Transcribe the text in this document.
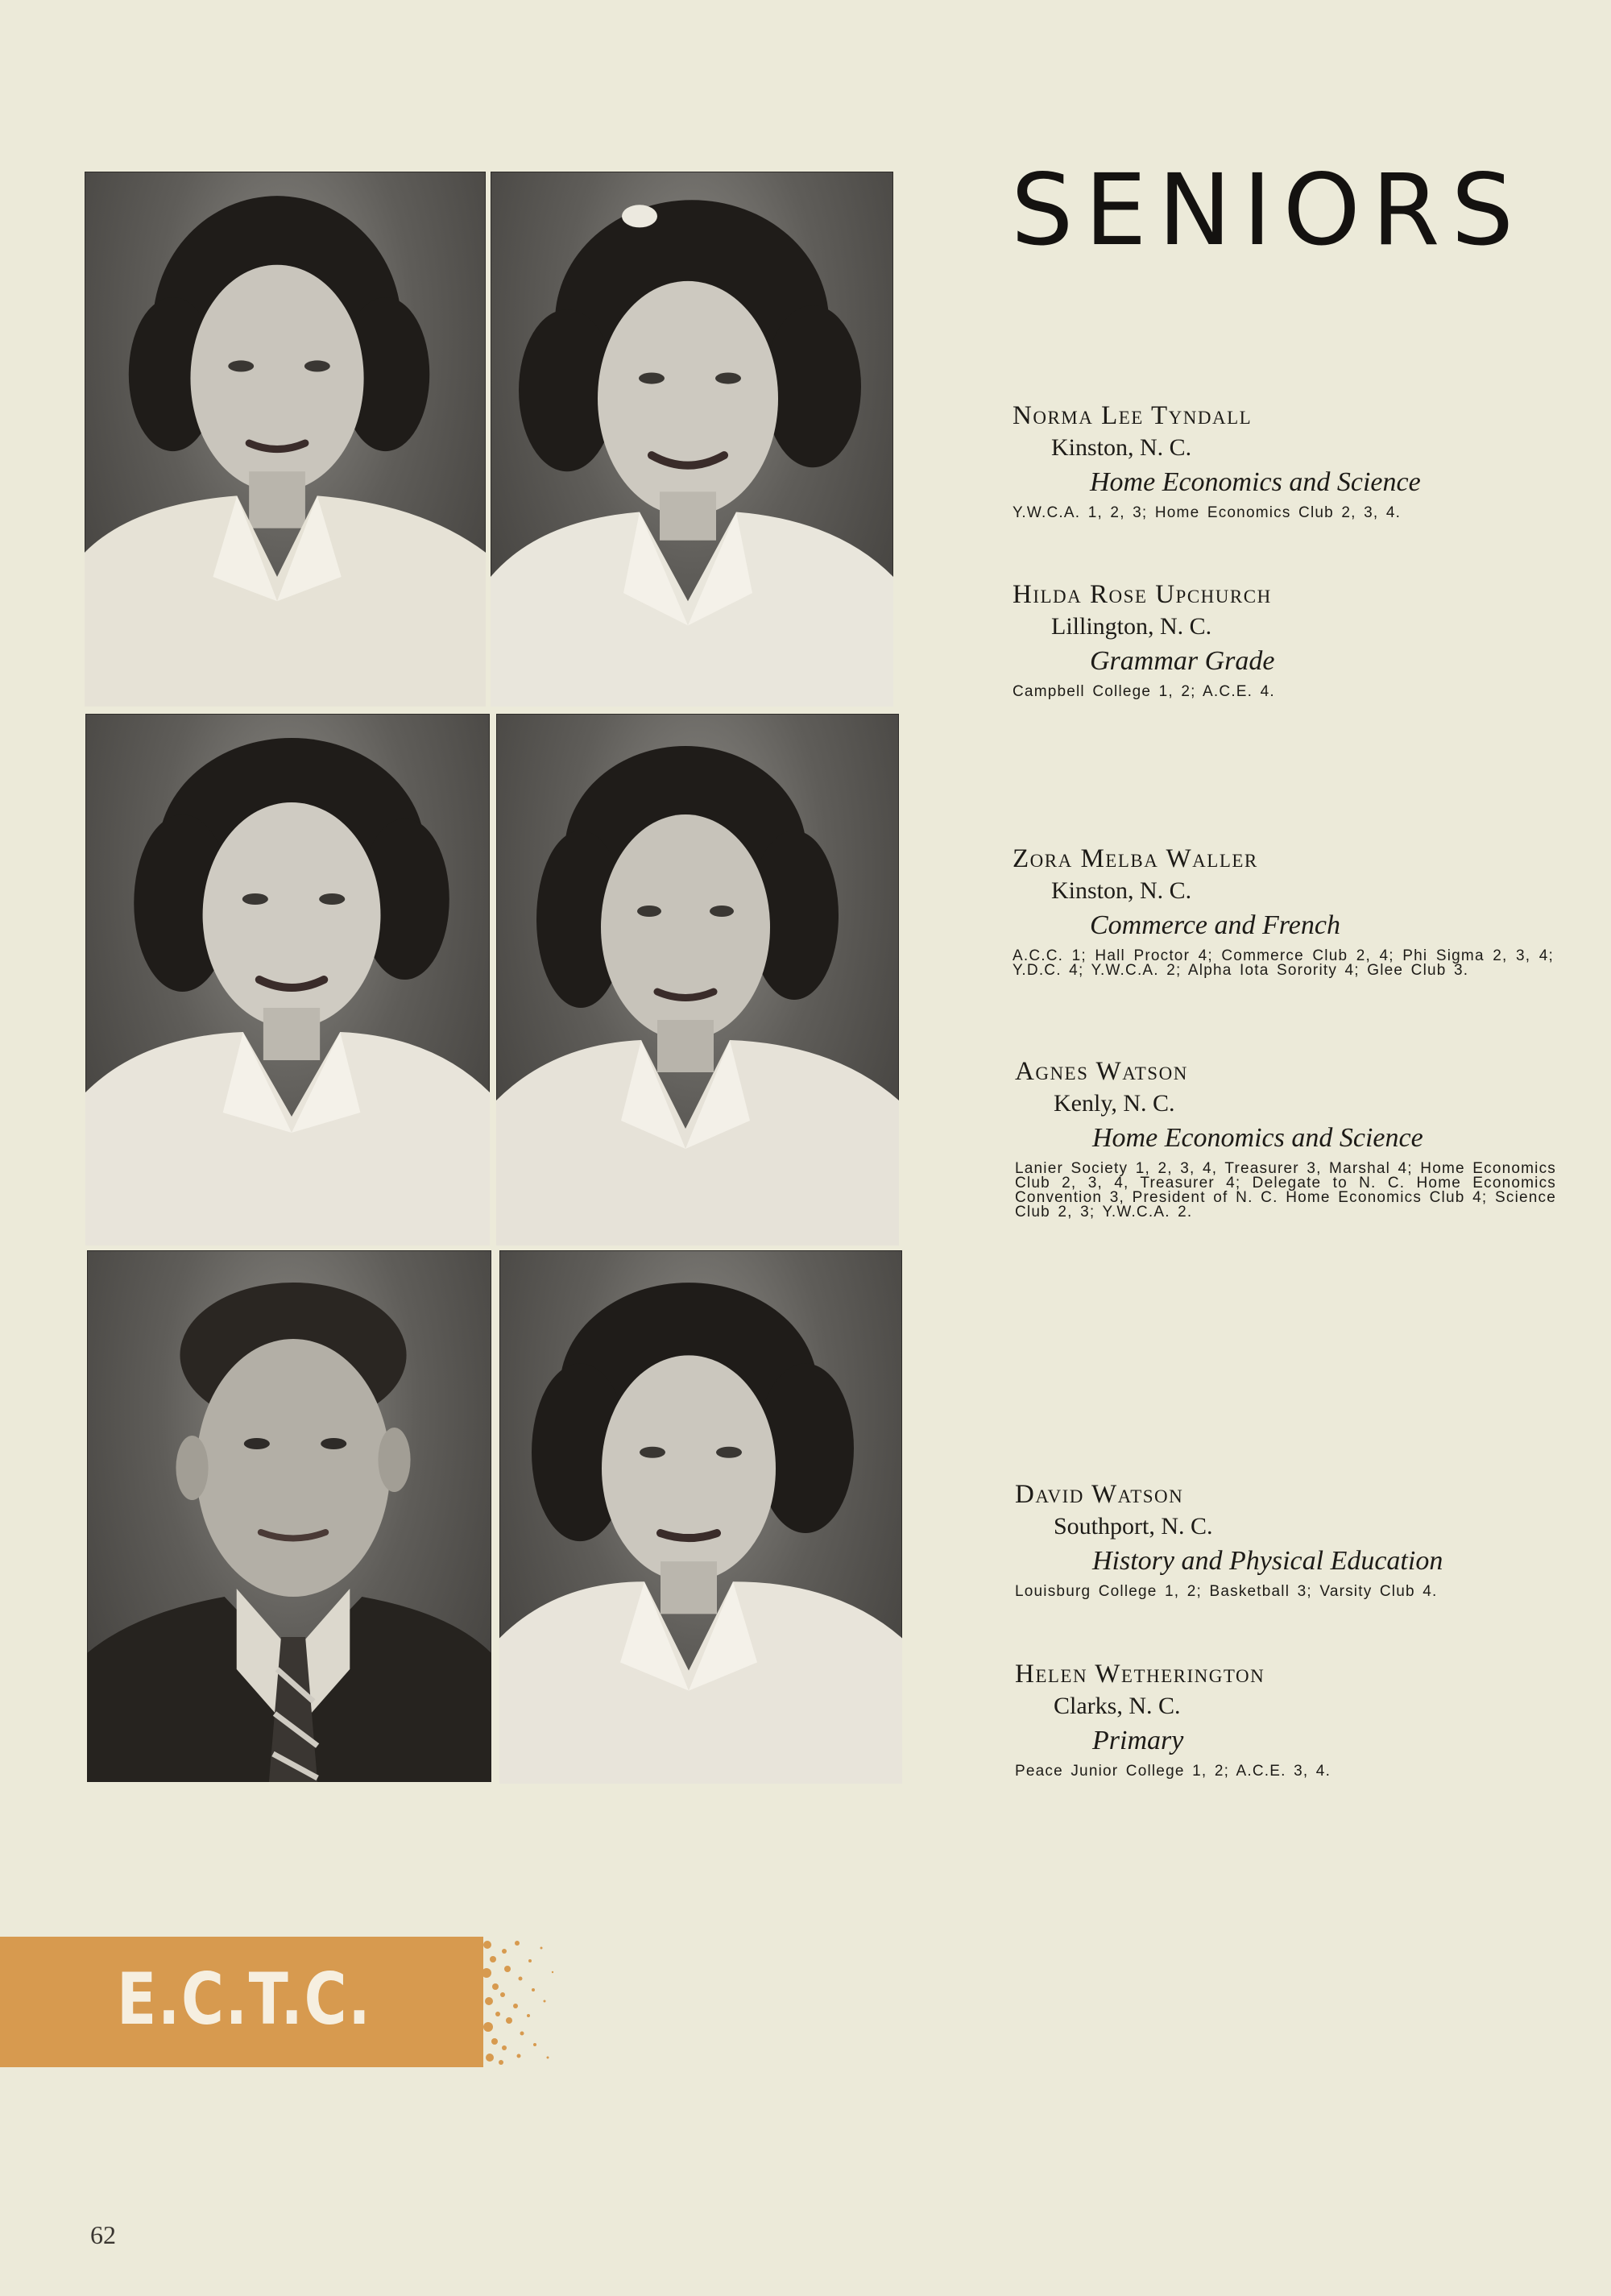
SENIORS
Norma Lee Tyndall
Kinston, N. C.
Home Economics and Science
Y.W.C.A. 1, 2, 3; Home Economics Club 2, 3, 4.
Hilda Rose Upchurch
Lillington, N. C.
Grammar Grade
Campbell College 1, 2; A.C.E. 4.
Zora Melba Waller
Kinston, N. C.
Commerce and French
A.C.C. 1; Hall Proctor 4; Commerce Club 2, 4; Phi Sigma 2, 3, 4; Y.D.C. 4; Y.W.C.A. 2; Alpha Iota Sorority 4; Glee Club 3.
Agnes Watson
Kenly, N. C.
Home Economics and Science
Lanier Society 1, 2, 3, 4, Treasurer 3, Marshal 4; Home Economics Club 2, 3, 4, Treasurer 4; Delegate to N. C. Home Economics Convention 3, President of N. C. Home Economics Club 4; Science Club 2, 3; Y.W.C.A. 2.
David Watson
Southport, N. C.
History and Physical Education
Louisburg College 1, 2; Basketball 3; Varsity Club 4.
Helen Wetherington
Clarks, N. C.
Primary
Peace Junior College 1, 2; A.C.E. 3, 4.
E.C.T.C.
62
